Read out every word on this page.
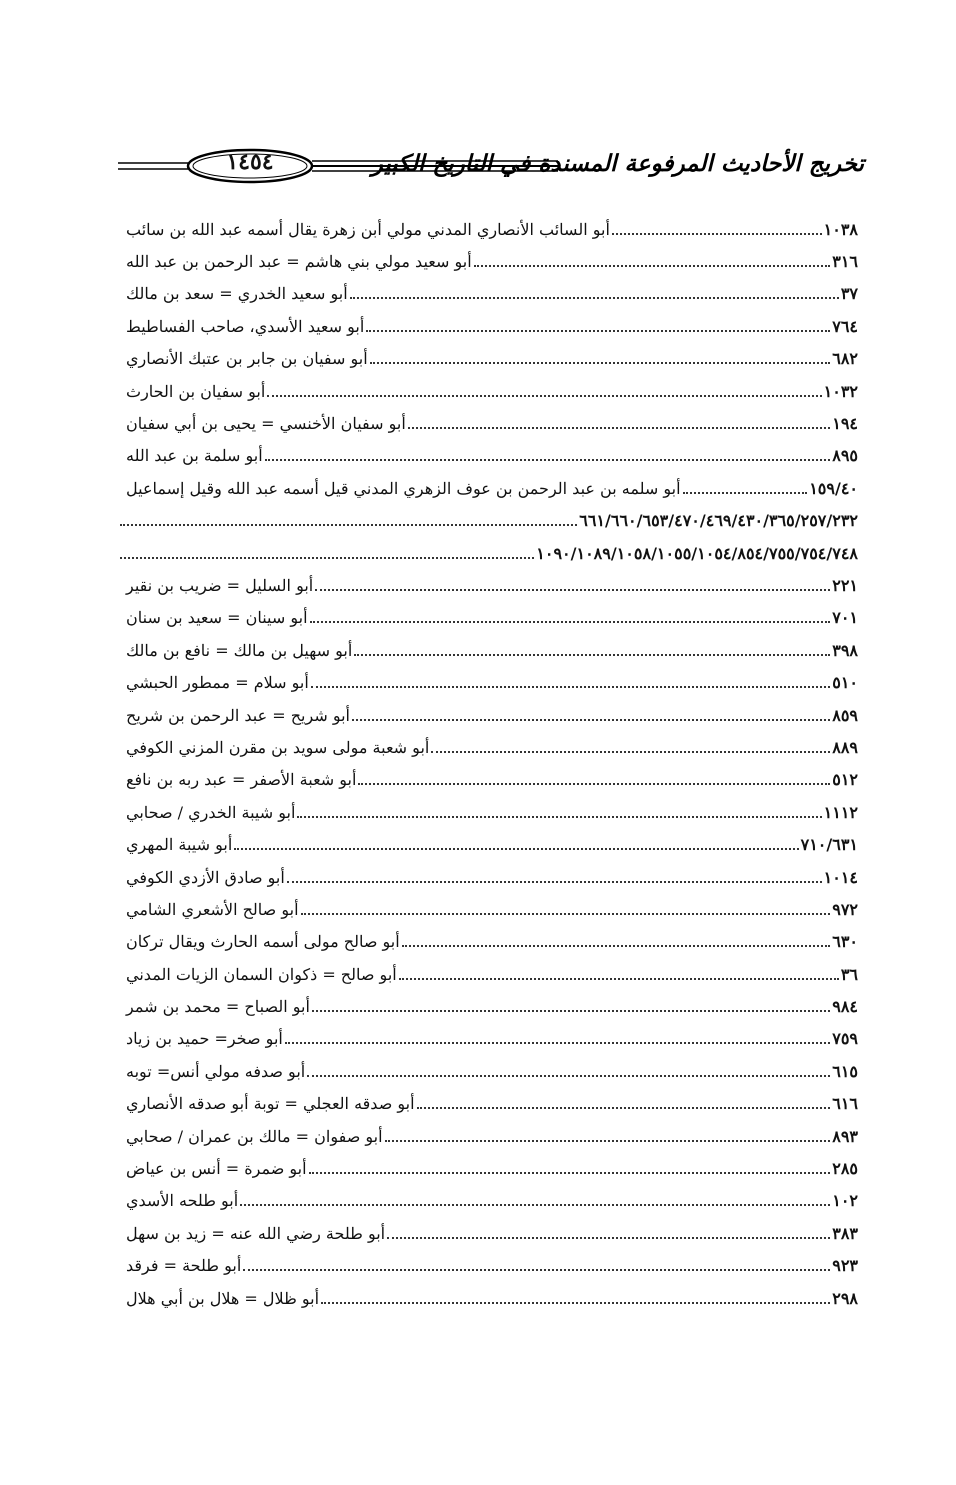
تخريج الأحاديث المرفوعة المسندة في التاريخ الكبير
١٤٥٤
أبو السائب الأنصاري المدني مولي أبن زهرة يقال أسمه عبد الله بن سائب	١٠٣٨
أبو سعيد مولي بني هاشم = عبد الرحمن بن عبد الله	٣١٦
أبو سعيد الخدري = سعد بن مالك	٣٧
أبو سعيد الأسدي، صاحب الفساطيط	٧٦٤
أبو سفيان بن جابر بن عتبك الأنصاري	٦٨٢
أبو سفيان بن الحارث	١٠٣٢
أبو سفيان الأخنسي = يحيى بن أبي سفيان	١٩٤
أبو سلمة بن عبد الله	٨٩٥
أبو سلمه بن عبد الرحمن بن عوف الزهري المدني قيل أسمه عبد الله وقيل إسماعيل	١٥٩/٤٠
٦٦١/٦٦٠/٦٥٣/٤٧٠/٤٦٩/٤٣٠/٣٦٥/٢٥٧/٢٣٢
١٠٩٠/١٠٨٩/١٠٥٨/١٠٥٥/١٠٥٤/٨٥٤/٧٥٥/٧٥٤/٧٤٨
أبو السليل = ضريب بن نقير	٢٢١
أبو سينان = سعيد بن سنان	٧٠١
أبو سهيل بن مالك = نافع بن مالك	٣٩٨
أبو سلام = ممطور الحبشي	٥١٠
أبو شريح = عبد الرحمن بن شريح	٨٥٩
أبو شعبة مولى سويد بن مقرن المزني الكوفي	٨٨٩
أبو شعبة الأصفر = عبد ربه بن نافع	٥١٢
أبو شيبة الخدري / صحابي	١١١٢
أبو شيبة المهري	٧١٠/٦٣١
أبو صادق الأزدي الكوفي	١٠١٤
أبو صالح الأشعري الشامي	٩٧٢
أبو صالح مولى أسمه الحارث ويقال تركان	٦٣٠
أبو صالح = ذكوان السمان الزيات المدني	٣٦
أبو الصباح = محمد بن شمر	٩٨٤
أبو صخر= حميد بن زياد	٧٥٩
أبو صدفه مولي أنس= توبه	٦١٥
أبو صدقه العجلي = توبة أبو صدقه الأنصاري	٦١٦
أبو صفوان = مالك بن عمران / صحابي	٨٩٣
أبو ضمرة = أنس بن عياض	٢٨٥
أبو طلحه الأسدي	١٠٢
أبو طلحة رضي الله عنه = زيد بن سهل	٣٨٣
أبو طلحة = فرقد	٩٢٣
أبو ظلال = هلال بن أبي هلال	٢٩٨
